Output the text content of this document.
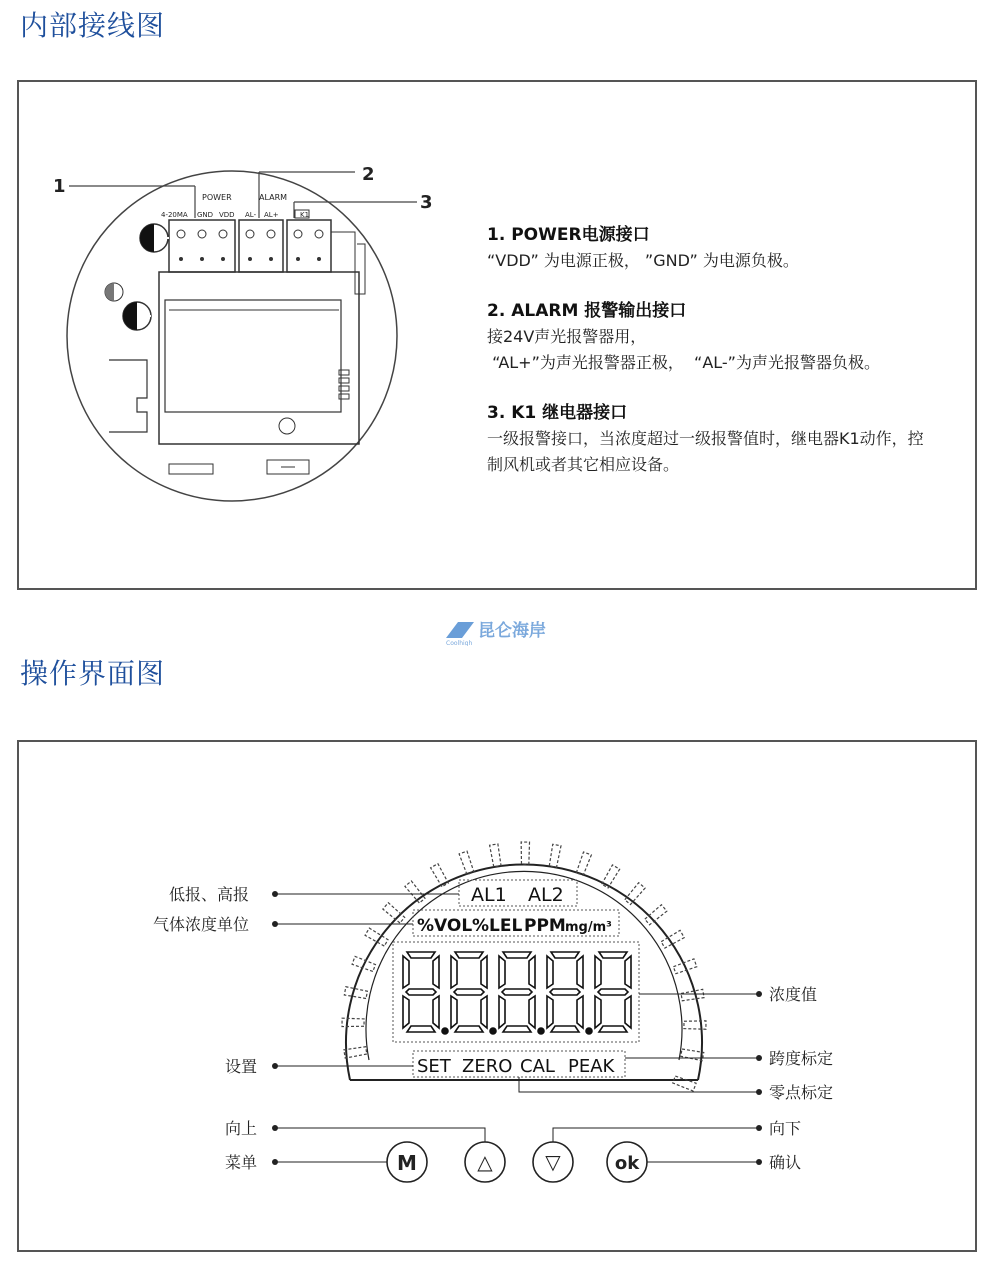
内部接线图
1
2
3
POWER	ALARM
4-20MA GND VDD AL- AL+	K1
1. POWER电源接口
“VDD” 为电源正极， ”GND” 为电源负极。
2. ALARM 报警输出接口
接24V声光报警器用，
“AL+”为声光报警器正极，  “AL-”为声光报警器负极。
3. K1 继电器接口
一级报警接口，当浓度超过一级报警值时，继电器K1动作，控
制风机或者其它相应设备。
昆仑海岸
Coolhigh
操作界面图
AL1 AL2
%VOL %LEL PPM mg/m³
SET ZERO CAL PEAK
低报、高报
气体浓度单位
设置
向上
菜单
浓度值
跨度标定
零点标定
向下
确认
M	△	▽	ok
